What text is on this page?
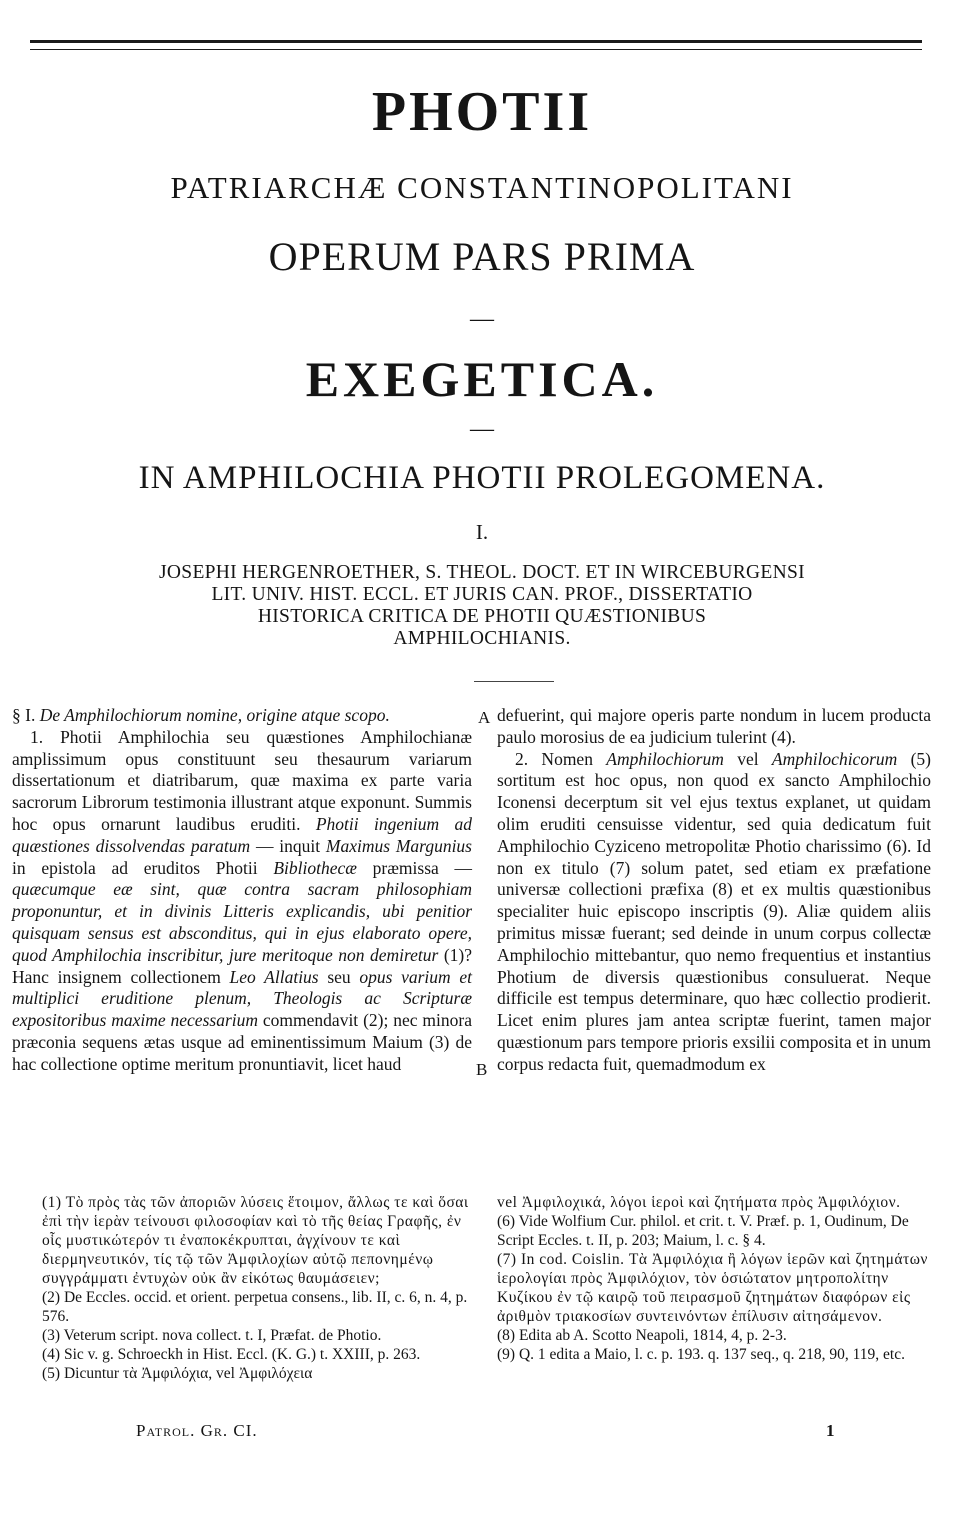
PHOTII
PATRIARCHÆ CONSTANTINOPOLITANI
OPERUM PARS PRIMA
—
EXEGETICA.
—
IN AMPHILOCHIA PHOTII PROLEGOMENA.
I.
JOSEPHI HERGENROETHER, S. THEOL. DOCT. ET IN WIRCEBURGENSI
LIT. UNIV. HIST. ECCL. ET JURIS CAN. PROF., DISSERTATIO
HISTORICA CRITICA DE PHOTII QUÆSTIONIBUS
AMPHILOCHIANIS.
A
B

§ I. De Amphilochiorum nomine, origine atque scopo.

1. Photii Amphilochia seu quæstiones Amphilochianæ amplissimum opus constituunt seu thesaurum variarum dissertationum et diatribarum, quæ maxima ex parte varia sacrorum Librorum testimonia illustrant atque exponunt. Summis hoc opus ornarunt laudibus eruditi. Photii ingenium ad quæstiones dissolvendas paratum — inquit Maximus Margunius in epistola ad eruditos Photii Bibliothecæ præmissa — quæcumque eæ sint, quæ contra sacram philosophiam proponuntur, et in divinis Litteris explicandis, ubi penitior quisquam sensus est absconditus, qui in ejus elaborato opere, quod Amphilochia inscribitur, jure meritoque non demiretur (1)? Hanc insignem collectionem Leo Allatius seu opus varium et multiplici eruditione plenum, Theologis ac Scripturæ expositoribus maxime necessarium commendavit (2); nec minora præconia sequens ætas usque ad eminentissimum Maium (3) de hac collectione optime meritum pronuntiavit, licet haud

defuerint, qui majore operis parte nondum in lucem producta paulo morosius de ea judicium tulerint (4).

2. Nomen Amphilochiorum vel Amphilochicorum (5) sortitum est hoc opus, non quod ex sancto Amphilochio Iconensi decerptum sit vel ejus textus explanet, ut quidam olim eruditi censuisse videntur, sed quia dedicatum fuit Amphilochio Cyziceno metropolitæ Photio charissimo (6). Id non ex titulo (7) solum patet, sed etiam ex præfatione universæ collectioni præfixa (8) et ex multis quæstionibus specialiter huic episcopo inscriptis (9). Aliæ quidem aliis primitus missæ fuerant; sed deinde in unum corpus collectæ Amphilochio mittebantur, quo nemo frequentius et instantius Photium de diversis quæstionibus consuluerat. Neque difficile est tempus determinare, quo hæc collectio prodierit. Licet enim plures jam antea scriptæ fuerint, tamen major quæstionum pars tempore prioris exsilii composita et in unum corpus redacta fuit, quemadmodum ex

(1) Τὸ πρὸς τὰς τῶν ἀποριῶν λύσεις ἕτοιμον, ἄλλως τε καὶ ὅσαι ἐπὶ τὴν ἱερὰν τείνουσι φιλοσοφίαν καὶ τὸ τῆς θείας Γραφῆς, ἐν οἷς μυστικώτερόν τι ἐναποκέκρυπται, ἀγχίνουν τε καὶ διερμηνευτικόν, τίς τῷ τῶν Ἀμφιλοχίων αὐτῷ πεπονημένῳ συγγράμματι ἐντυχὼν οὐκ ἂν εἰκότως θαυμάσειεν;

(2) De Eccles. occid. et orient. perpetua consens., lib. II, c. 6, n. 4, p. 576.

(3) Veterum script. nova collect. t. I, Præfat. de Photio.

(4) Sic v. g. Schroeckh in Hist. Eccl. (K. G.) t. XXIII, p. 263.

(5) Dicuntur τὰ Ἀμφιλόχια, vel Ἀμφιλόχεια

vel Ἀμφιλοχικά, λόγοι ἱεροὶ καὶ ζητήματα πρὸς Ἀμφιλόχιον.

(6) Vide Wolfium Cur. philol. et crit. t. V. Præf. p. 1, Oudinum, De Script Eccles. t. II, p. 203; Maium, l. c. § 4.

(7) In cod. Coislin. Τὰ Ἀμφιλόχια ἢ λόγων ἱερῶν καὶ ζητημάτων ἱερολογίαι πρὸς Ἀμφιλόχιον, τὸν ὁσιώτατον μητροπολίτην Κυζίκου ἐν τῷ καιρῷ τοῦ πειρασμοῦ ζητημάτων διαφόρων εἰς ἀριθμὸν τριακοσίων συντεινόντων ἐπίλυσιν αἰτησάμενον.

(8) Edita ab A. Scotto Neapoli, 1814, 4, p. 2-3.

(9) Q. 1 edita a Maio, l. c. p. 193. q. 137 seq., q. 218, 90, 119, etc.

Patrol. Gr. CI.	1
